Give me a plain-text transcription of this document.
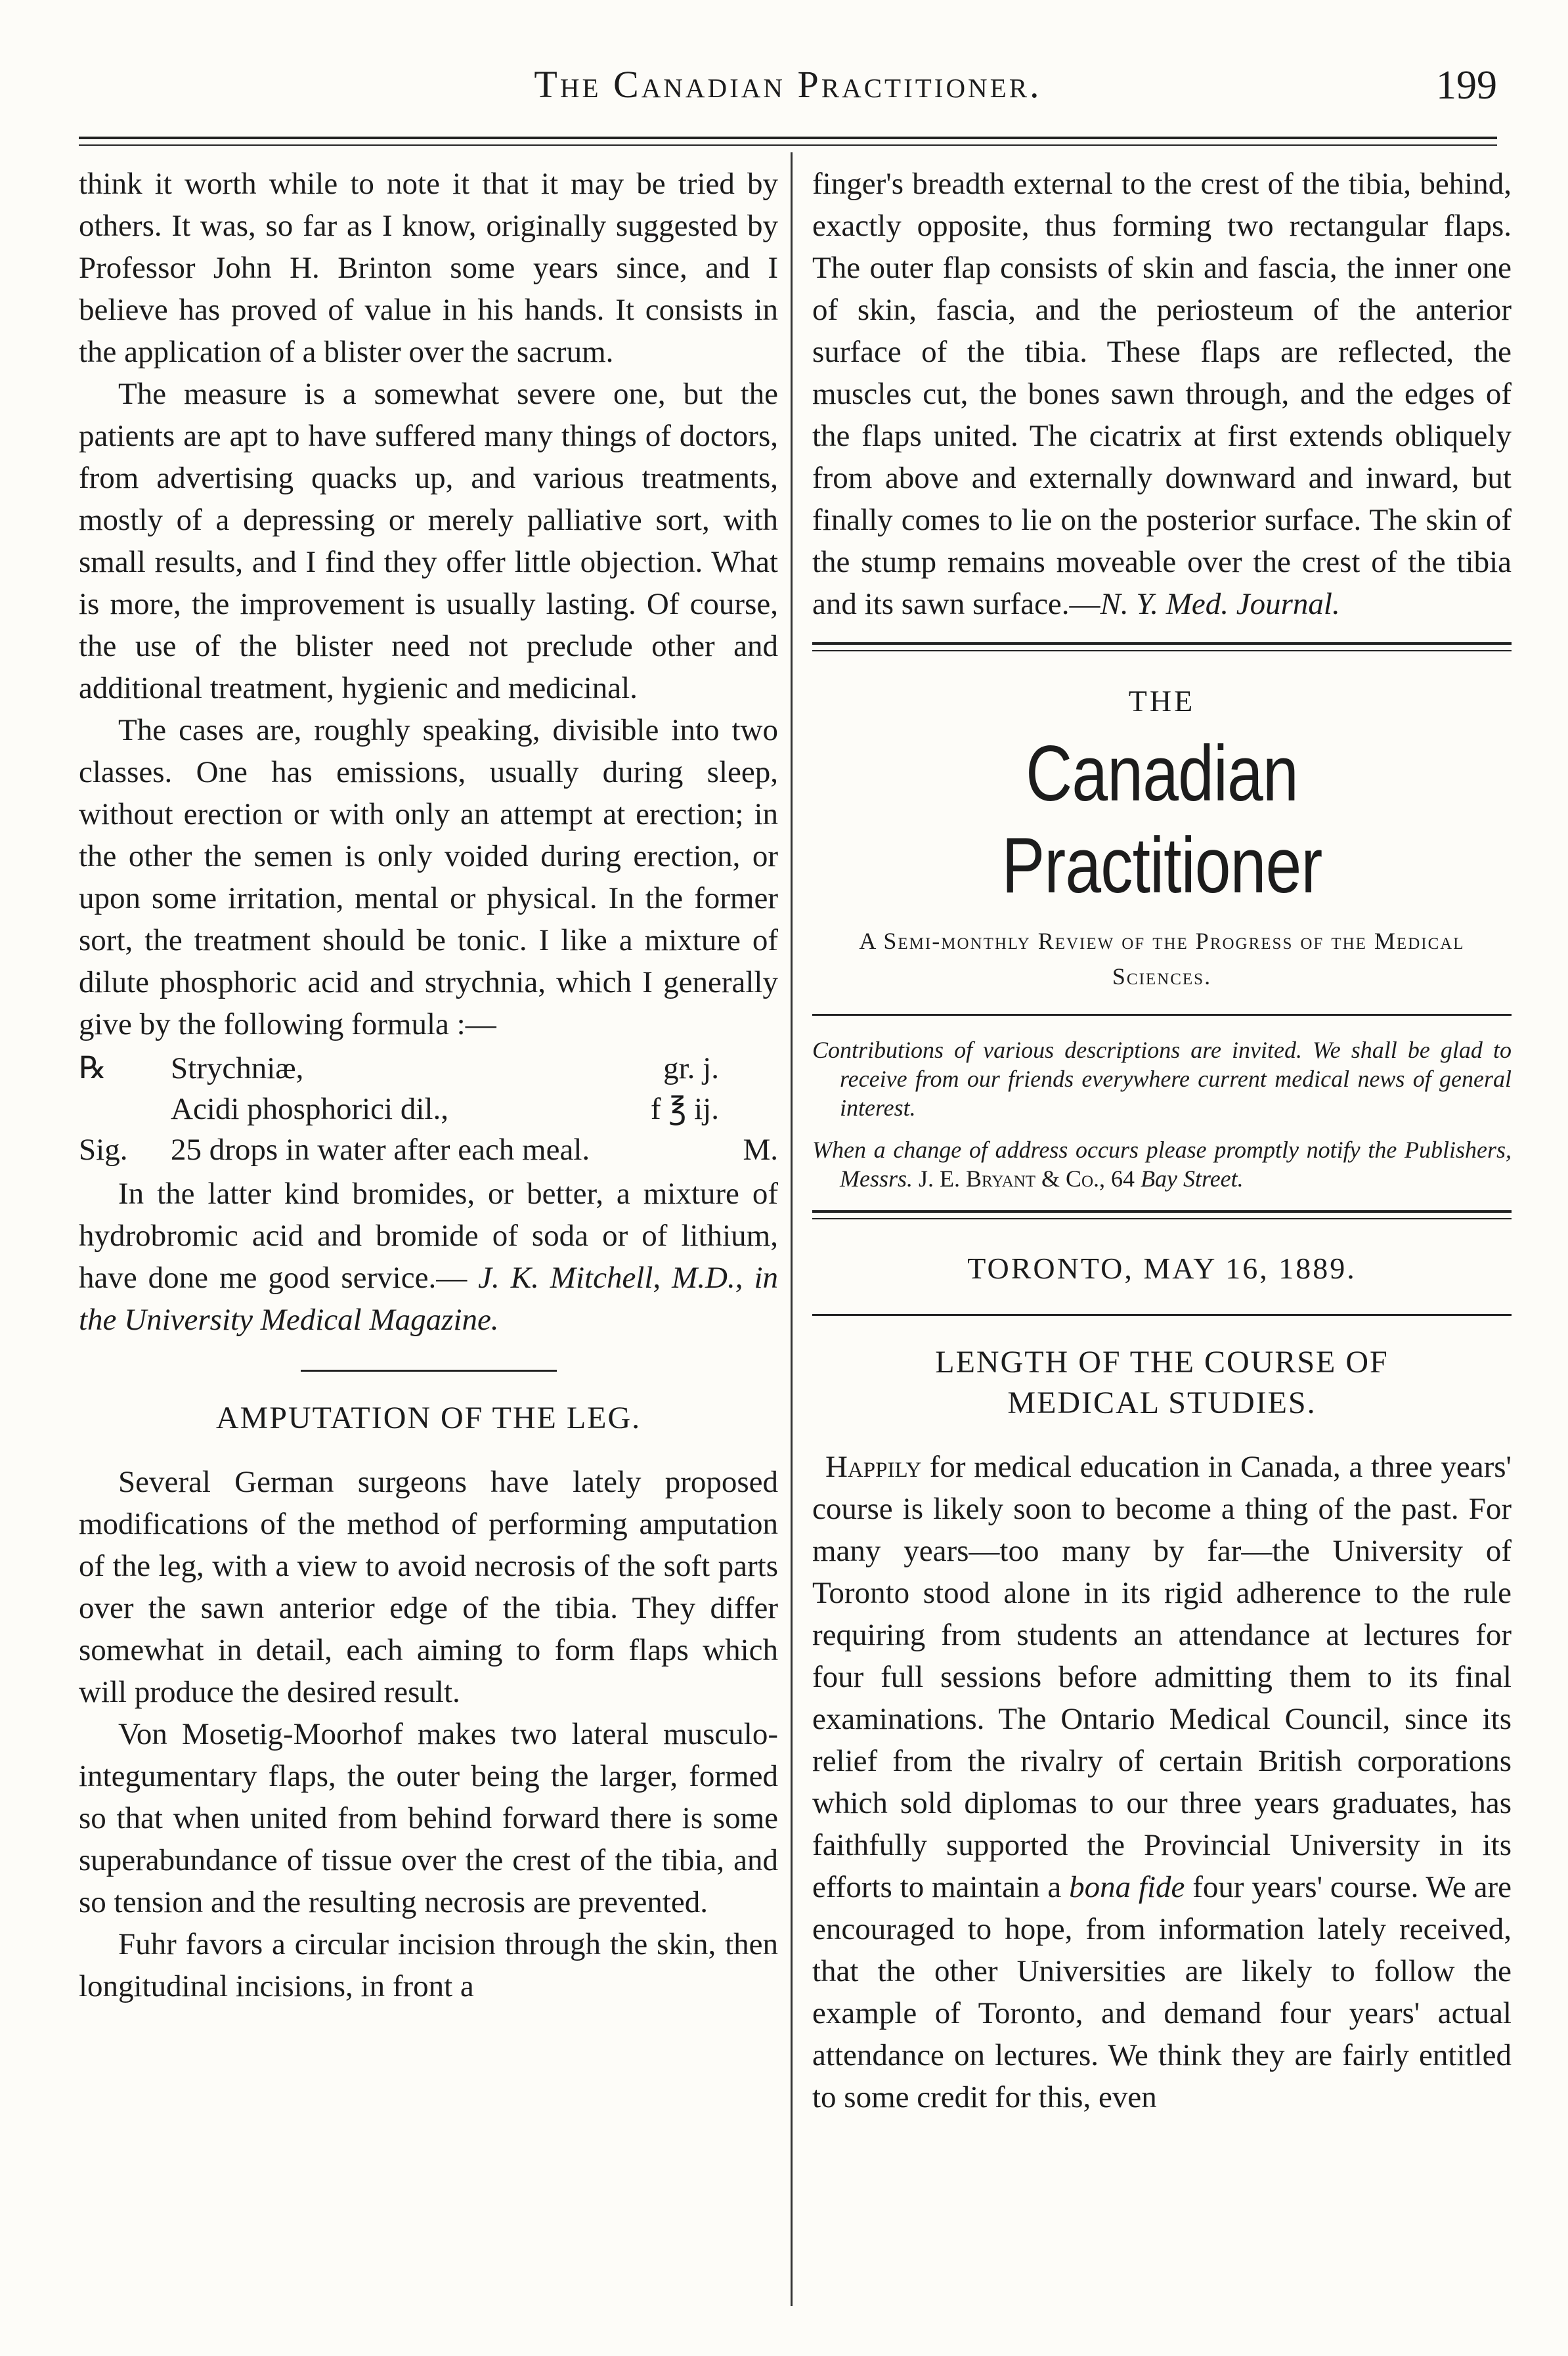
The Canadian Practitioner.	199

think it worth while to note it that it may be tried by others. It was, so far as I know, originally suggested by Professor John H. Brinton some years since, and I believe has proved of value in his hands. It consists in the application of a blister over the sacrum.

The measure is a somewhat severe one, but the patients are apt to have suffered many things of doctors, from advertising quacks up, and various treatments, mostly of a depressing or merely palliative sort, with small results, and I find they offer little objection. What is more, the improvement is usually lasting. Of course, the use of the blister need not preclude other and additional treatment, hygienic and medicinal.

The cases are, roughly speaking, divisible into two classes. One has emissions, usually during sleep, without erection or with only an attempt at erection; in the other the semen is only voided during erection, or upon some irritation, mental or physical. In the former sort, the treatment should be tonic. I like a mixture of dilute phosphoric acid and strychnia, which I generally give by the following formula :—

℞	Strychniæ,	gr. j.	
	Acidi phosphorici dil.,	f ℥ ij.	
Sig.	25 drops in water after each meal.		M.

In the latter kind bromides, or better, a mixture of hydrobromic acid and bromide of soda or of lithium, have done me good service.— J. K. Mitchell, M.D., in the University Medical Magazine.

AMPUTATION OF THE LEG.

Several German surgeons have lately proposed modifications of the method of performing amputation of the leg, with a view to avoid necrosis of the soft parts over the sawn anterior edge of the tibia. They differ somewhat in detail, each aiming to form flaps which will produce the desired result.

Von Mosetig-Moorhof makes two lateral musculo-integumentary flaps, the outer being the larger, formed so that when united from behind forward there is some superabundance of tissue over the crest of the tibia, and so tension and the resulting necrosis are prevented.

Fuhr favors a circular incision through the skin, then longitudinal incisions, in front a

finger's breadth external to the crest of the tibia, behind, exactly opposite, thus forming two rectangular flaps. The outer flap consists of skin and fascia, the inner one of skin, fascia, and the periosteum of the anterior surface of the tibia. These flaps are reflected, the muscles cut, the bones sawn through, and the edges of the flaps united. The cicatrix at first extends obliquely from above and externally downward and inward, but finally comes to lie on the posterior surface. The skin of the stump remains moveable over the crest of the tibia and its sawn surface.—N. Y. Med. Journal.

THE
Canadian Practitioner
A Semi-monthly Review of the Progress of the Medical Sciences.

Contributions of various descriptions are invited. We shall be glad to receive from our friends everywhere current medical news of general interest.

When a change of address occurs please promptly notify the Publishers, Messrs. J. E. Bryant & Co., 64 Bay Street.

TORONTO, MAY 16, 1889.
LENGTH OF THE COURSE OF
MEDICAL STUDIES.

Happily for medical education in Canada, a three years' course is likely soon to become a thing of the past. For many years—too many by far—the University of Toronto stood alone in its rigid adherence to the rule requiring from students an attendance at lectures for four full sessions before admitting them to its final examinations. The Ontario Medical Council, since its relief from the rivalry of certain British corporations which sold diplomas to our three years graduates, has faithfully supported the Provincial University in its efforts to maintain a bona fide four years' course. We are encouraged to hope, from information lately received, that the other Universities are likely to follow the example of Toronto, and demand four years' actual attendance on lectures. We think they are fairly entitled to some credit for this, even
